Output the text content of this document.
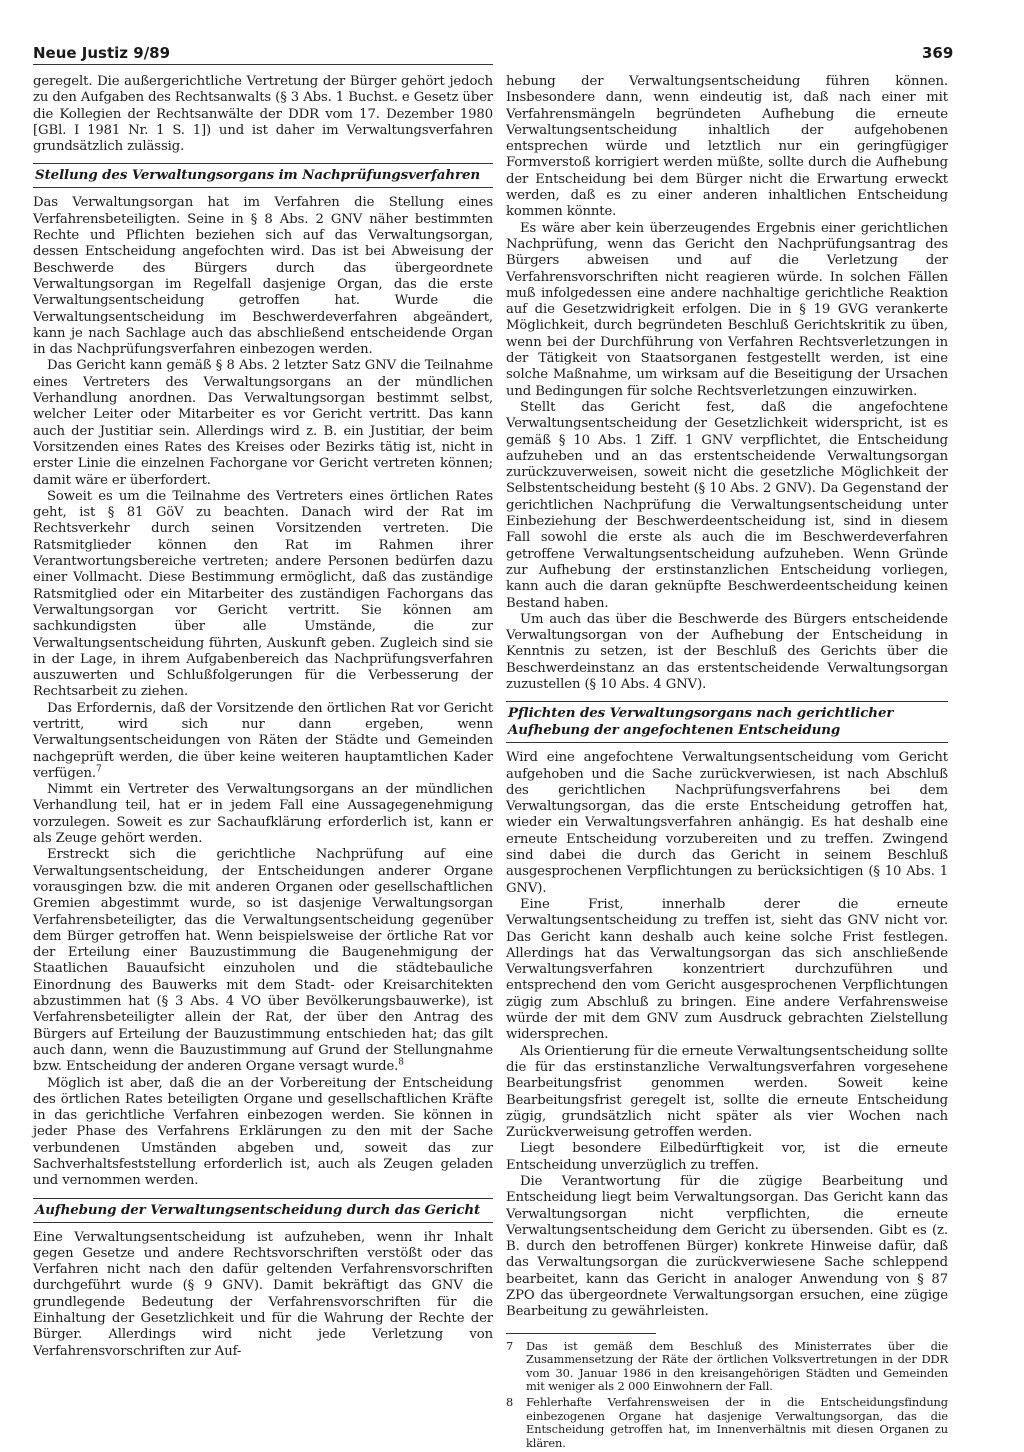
Neue Justiz 9/89	369

geregelt. Die außergerichtliche Vertretung der Bürger gehört jedoch zu den Aufgaben des Rechtsanwalts (§ 3 Abs. 1 Buchst. e Gesetz über die Kollegien der Rechtsanwälte der DDR vom 17. Dezember 1980 [GBl. I 1981 Nr. 1 S. 1]) und ist daher im Verwaltungsverfahren grundsätzlich zulässig.

Stellung des Verwaltungsorgans im Nachprüfungsverfahren

Das Verwaltungsorgan hat im Verfahren die Stellung eines Verfahrensbeteiligten. Seine in § 8 Abs. 2 GNV näher bestimmten Rechte und Pflichten beziehen sich auf das Verwaltungsorgan, dessen Entscheidung angefochten wird. Das ist bei Abweisung der Beschwerde des Bürgers durch das übergeordnete Verwaltungsorgan im Regelfall dasjenige Organ, das die erste Verwaltungsentscheidung getroffen hat. Wurde die Verwaltungsentscheidung im Beschwerdeverfahren abgeändert, kann je nach Sachlage auch das abschließend entscheidende Organ in das Nachprüfungsverfahren einbezogen werden.

Das Gericht kann gemäß § 8 Abs. 2 letzter Satz GNV die Teilnahme eines Vertreters des Verwaltungsorgans an der mündlichen Verhandlung anordnen. Das Verwaltungsorgan bestimmt selbst, welcher Leiter oder Mitarbeiter es vor Gericht vertritt. Das kann auch der Justitiar sein. Allerdings wird z. B. ein Justitiar, der beim Vorsitzenden eines Rates des Kreises oder Bezirks tätig ist, nicht in erster Linie die einzelnen Fachorgane vor Gericht vertreten können; damit wäre er überfordert.

Soweit es um die Teilnahme des Vertreters eines örtlichen Rates geht, ist § 81 GöV zu beachten. Danach wird der Rat im Rechtsverkehr durch seinen Vorsitzenden vertreten. Die Ratsmitglieder können den Rat im Rahmen ihrer Verantwortungsbereiche vertreten; andere Personen bedürfen dazu einer Vollmacht. Diese Bestimmung ermöglicht, daß das zuständige Ratsmitglied oder ein Mitarbeiter des zuständigen Fachorgans das Verwaltungsorgan vor Gericht vertritt. Sie können am sachkundigsten über alle Umstände, die zur Verwaltungsentscheidung führten, Auskunft geben. Zugleich sind sie in der Lage, in ihrem Aufgabenbereich das Nachprüfungsverfahren auszuwerten und Schlußfolgerungen für die Verbesserung der Rechtsarbeit zu ziehen.

Das Erfordernis, daß der Vorsitzende den örtlichen Rat vor Gericht vertritt, wird sich nur dann ergeben, wenn Verwaltungsentscheidungen von Räten der Städte und Gemeinden nachgeprüft werden, die über keine weiteren hauptamtlichen Kader verfügen.$^7$

Nimmt ein Vertreter des Verwaltungsorgans an der mündlichen Verhandlung teil, hat er in jedem Fall eine Aussagegenehmigung vorzulegen. Soweit es zur Sachaufklärung erforderlich ist, kann er als Zeuge gehört werden.

Erstreckt sich die gerichtliche Nachprüfung auf eine Verwaltungsentscheidung, der Entscheidungen anderer Organe vorausgingen bzw. die mit anderen Organen oder gesellschaftlichen Gremien abgestimmt wurde, so ist dasjenige Verwaltungsorgan Verfahrensbeteiligter, das die Verwaltungsentscheidung gegenüber dem Bürger getroffen hat. Wenn beispielsweise der örtliche Rat vor der Erteilung einer Bauzustimmung die Baugenehmigung der Staatlichen Bauaufsicht einzuholen und die städtebauliche Einordnung des Bauwerks mit dem Stadt- oder Kreisarchitekten abzustimmen hat (§ 3 Abs. 4 VO über Bevölkerungsbauwerke), ist Verfahrensbeteiligter allein der Rat, der über den Antrag des Bürgers auf Erteilung der Bauzustimmung entschieden hat; das gilt auch dann, wenn die Bauzustimmung auf Grund der Stellungnahme bzw. Entscheidung der anderen Organe versagt wurde.$^8$

Möglich ist aber, daß die an der Vorbereitung der Entscheidung des örtlichen Rates beteiligten Organe und gesellschaftlichen Kräfte in das gerichtliche Verfahren einbezogen werden. Sie können in jeder Phase des Verfahrens Erklärungen zu den mit der Sache verbundenen Umständen abgeben und, soweit das zur Sachverhaltsfeststellung erforderlich ist, auch als Zeugen geladen und vernommen werden.

Aufhebung der Verwaltungsentscheidung durch das Gericht

Eine Verwaltungsentscheidung ist aufzuheben, wenn ihr Inhalt gegen Gesetze und andere Rechtsvorschriften verstößt oder das Verfahren nicht nach den dafür geltenden Verfahrensvorschriften durchgeführt wurde (§ 9 GNV). Damit bekräftigt das GNV die grundlegende Bedeutung der Verfahrensvorschriften für die Einhaltung der Gesetzlichkeit und für die Wahrung der Rechte der Bürger. Allerdings wird nicht jede Verletzung von Verfahrensvorschriften zur Auf-

hebung der Verwaltungsentscheidung führen können. Insbesondere dann, wenn eindeutig ist, daß nach einer mit Verfahrensmängeln begründeten Aufhebung die erneute Verwaltungsentscheidung inhaltlich der aufgehobenen entsprechen würde und letztlich nur ein geringfügiger Formverstoß korrigiert werden müßte, sollte durch die Aufhebung der Entscheidung bei dem Bürger nicht die Erwartung erweckt werden, daß es zu einer anderen inhaltlichen Entscheidung kommen könnte.

Es wäre aber kein überzeugendes Ergebnis einer gerichtlichen Nachprüfung, wenn das Gericht den Nachprüfungsantrag des Bürgers abweisen und auf die Verletzung der Verfahrensvorschriften nicht reagieren würde. In solchen Fällen muß infolgedessen eine andere nachhaltige gerichtliche Reaktion auf die Gesetzwidrigkeit erfolgen. Die in § 19 GVG verankerte Möglichkeit, durch begründeten Beschluß Gerichtskritik zu üben, wenn bei der Durchführung von Verfahren Rechtsverletzungen in der Tätigkeit von Staatsorganen festgestellt werden, ist eine solche Maßnahme, um wirksam auf die Beseitigung der Ursachen und Bedingungen für solche Rechtsverletzungen einzuwirken.

Stellt das Gericht fest, daß die angefochtene Verwaltungsentscheidung der Gesetzlichkeit widerspricht, ist es gemäß § 10 Abs. 1 Ziff. 1 GNV verpflichtet, die Entscheidung aufzuheben und an das erstentscheidende Verwaltungsorgan zurückzuverweisen, soweit nicht die gesetzliche Möglichkeit der Selbstentscheidung besteht (§ 10 Abs. 2 GNV). Da Gegenstand der gerichtlichen Nachprüfung die Verwaltungsentscheidung unter Einbeziehung der Beschwerdeentscheidung ist, sind in diesem Fall sowohl die erste als auch die im Beschwerdeverfahren getroffene Verwaltungsentscheidung aufzuheben. Wenn Gründe zur Aufhebung der erstinstanzlichen Entscheidung vorliegen, kann auch die daran geknüpfte Beschwerdeentscheidung keinen Bestand haben.

Um auch das über die Beschwerde des Bürgers entscheidende Verwaltungsorgan von der Aufhebung der Entscheidung in Kenntnis zu setzen, ist der Beschluß des Gerichts über die Beschwerdeinstanz an das erstentscheidende Verwaltungsorgan zuzustellen (§ 10 Abs. 4 GNV).

Pflichten des Verwaltungsorgans nach gerichtlicher Aufhebung der angefochtenen Entscheidung

Wird eine angefochtene Verwaltungsentscheidung vom Gericht aufgehoben und die Sache zurückverwiesen, ist nach Abschluß des gerichtlichen Nachprüfungsverfahrens bei dem Verwaltungsorgan, das die erste Entscheidung getroffen hat, wieder ein Verwaltungsverfahren anhängig. Es hat deshalb eine erneute Entscheidung vorzubereiten und zu treffen. Zwingend sind dabei die durch das Gericht in seinem Beschluß ausgesprochenen Verpflichtungen zu berücksichtigen (§ 10 Abs. 1 GNV).

Eine Frist, innerhalb derer die erneute Verwaltungsentscheidung zu treffen ist, sieht das GNV nicht vor. Das Gericht kann deshalb auch keine solche Frist festlegen. Allerdings hat das Verwaltungsorgan das sich anschließende Verwaltungsverfahren konzentriert durchzuführen und entsprechend den vom Gericht ausgesprochenen Verpflichtungen zügig zum Abschluß zu bringen. Eine andere Verfahrensweise würde der mit dem GNV zum Ausdruck gebrachten Zielstellung widersprechen.

Als Orientierung für die erneute Verwaltungsentscheidung sollte die für das erstinstanzliche Verwaltungsverfahren vorgesehene Bearbeitungsfrist genommen werden. Soweit keine Bearbeitungsfrist geregelt ist, sollte die erneute Entscheidung zügig, grundsätzlich nicht später als vier Wochen nach Zurückverweisung getroffen werden.

Liegt besondere Eilbedürftigkeit vor, ist die erneute Entscheidung unverzüglich zu treffen.

Die Verantwortung für die zügige Bearbeitung und Entscheidung liegt beim Verwaltungsorgan. Das Gericht kann das Verwaltungsorgan nicht verpflichten, die erneute Verwaltungsentscheidung dem Gericht zu übersenden. Gibt es (z. B. durch den betroffenen Bürger) konkrete Hinweise dafür, daß das Verwaltungsorgan die zurückverwiesene Sache schleppend bearbeitet, kann das Gericht in analoger Anwendung von § 87 ZPO das übergeordnete Verwaltungsorgan ersuchen, eine zügige Bearbeitung zu gewährleisten.

7	Das ist gemäß dem Beschluß des Ministerrates über die Zusammensetzung der Räte der örtlichen Volksvertretungen in der DDR vom 30. Januar 1986 in den kreisangehörigen Städten und Gemeinden mit weniger als 2 000 Einwohnern der Fall.
8	Fehlerhafte Verfahrensweisen der in die Entscheidungsfindung einbezogenen Organe hat dasjenige Verwaltungsorgan, das die Entscheidung getroffen hat, im Innenverhältnis mit diesen Organen zu klären.
